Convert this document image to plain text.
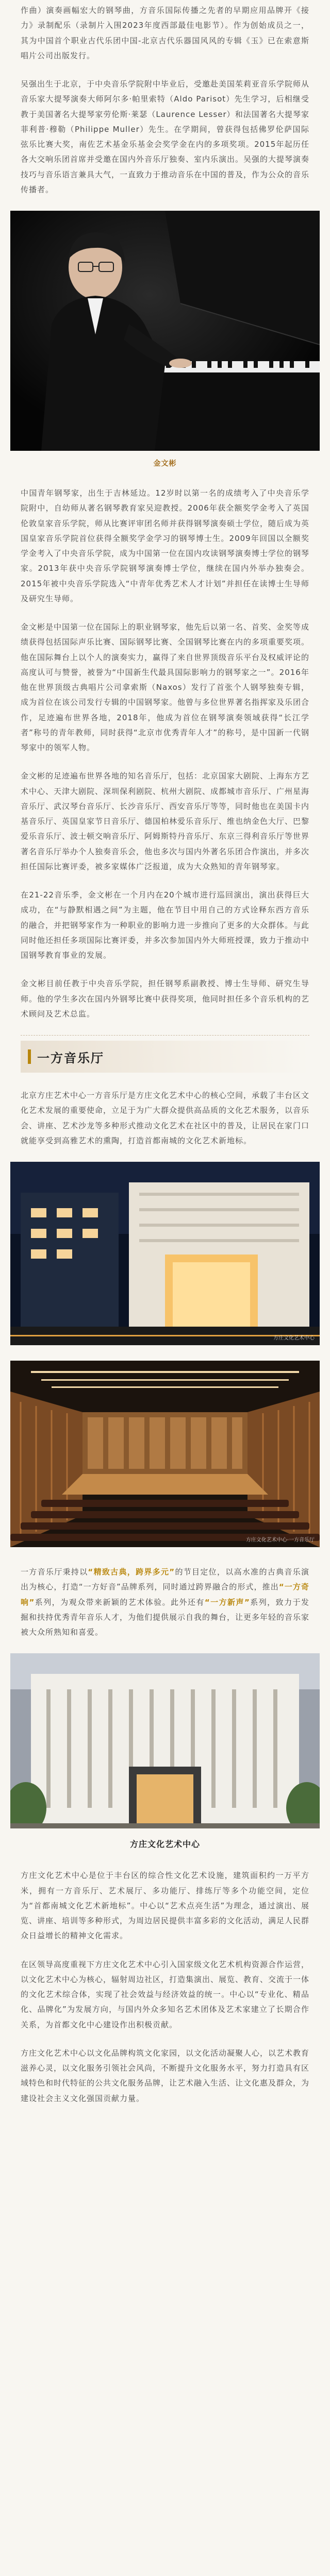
作曲）演奏画幅宏大的钢琴曲，方音乐国际传播之先者的早期应用品牌开《接力》录制配乐（录制片入围2023年度西部最佳电影节）。作为创始成员之一，其为中国首个职业古代乐团中国-北京古代乐器国风风的专辑《玉》已在索意斯唱片公司出版发行。

吴强出生于北京，于中央音乐学院附中毕业后，受邀赴美国茱莉亚音乐学院师从音乐家大提琴演奏大师阿尔多·帕里索特（Aldo Parisot）先生学习，后相继受教于美国著名大提琴家劳伦斯·莱瑟（Laurence Lesser）和法国著名大提琴家菲利普·穆勒（Philippe Muller）先生。在学期间，曾获得包括佛罗伦萨国际弦乐比赛大奖，南佐艺术基金乐基金会奖学金在内的多项奖项。2015年起历任各大交响乐团首席并受邀在国内外音乐厅独奏、室内乐演出。吴强的大提琴演奏技巧与音乐语言兼具大气，一直致力于推动音乐在中国的普及，作为公众的音乐传播者。

金文彬

中国青年钢琴家，出生于吉林延边。12岁时以第一名的成绩考入了中央音乐学院附中，自幼师从著名钢琴教育家吴迎教授。2006年获全额奖学金考入了英国伦敦皇家音乐学院，师从比赛评审团名师并获得钢琴演奏硕士学位，随后成为英国皇家音乐学院首位获得全额奖学金学习的钢琴博士生。2009年回国以全额奖学金考入了中央音乐学院，成为中国第一位在国内攻读钢琴演奏博士学位的钢琴家。2013年获中央音乐学院钢琴演奏博士学位，继续在国内外举办独奏会。2015年被中央音乐学院选入“中青年优秀艺术人才计划”并担任在读博士生导师及研究生导师。

金文彬是中国第一位在国际上的职业钢琴家，他先后以第一名、首奖、金奖等成绩获得包括国际声乐比赛、国际钢琴比赛、全国钢琴比赛在内的多项重要奖项。他在国际舞台上以个人的演奏实力，赢得了来自世界顶级音乐平台及权威评论的高度认可与赞誉，被誉为“中国新生代最具国际影响力的钢琴家之一”。2016年他在世界顶级古典唱片公司拿索斯（Naxos）发行了首张个人钢琴独奏专辑，成为首位在该公司发行专辑的中国钢琴家。他曾与多位世界著名指挥家及乐团合作，足迹遍布世界各地，2018年，他成为首位在钢琴演奏领域获得“长江学者”称号的青年教师，同时获得“北京市优秀青年人才”的称号，是中国新一代钢琴家中的领军人物。

金文彬的足迹遍布世界各地的知名音乐厅，包括：北京国家大剧院、上海东方艺术中心、天津大剧院、深圳保利剧院、杭州大剧院、成都城市音乐厅、广州星海音乐厅、武汉琴台音乐厅、长沙音乐厅、西安音乐厅等等，同时他也在美国卡内基音乐厅、英国皇家节日音乐厅、德国柏林爱乐音乐厅、维也纳金色大厅、巴黎爱乐音乐厅、波士顿交响音乐厅、阿姆斯特丹音乐厅、东京三得利音乐厅等世界著名音乐厅举办个人独奏音乐会，他也多次与国内外著名乐团合作演出，并多次担任国际比赛评委，被多家媒体广泛报道，成为大众熟知的青年钢琴家。

在21-22音乐季，金文彬在一个月内在20个城市进行巡回演出，演出获得巨大成功，在“与静默相遇之间”为主题，他在节目中用自己的方式诠释东西方音乐的融合，并把钢琴家作为一种职业的影响力进一步推向了更多的大众群体。与此同时他还担任多项国际比赛评委，并多次参加国内外大师班授课，致力于推动中国钢琴教育事业的发展。

金文彬目前任教于中央音乐学院，担任钢琴系副教授、博士生导师、研究生导师。他的学生多次在国内外钢琴比赛中获得奖项，他同时担任多个音乐机构的艺术顾问及艺术总监。

一方音乐厅

北京方庄艺术中心一方音乐厅是方庄文化艺术中心的核心空间，承载了丰台区文化艺术发展的重要使命，立足于为广大群众提供高品质的文化艺术服务，以音乐会、讲座、艺术沙龙等多种形式推动文化艺术在社区中的普及，让居民在家门口就能享受到高雅艺术的熏陶，打造首都南城的文化艺术新地标。

方庄文化艺术中心
方庄文化艺术中心·一方音乐厅

一方音乐厅秉持以“精致古典，跨界多元”的节目定位，以高水准的古典音乐演出为核心，打造“一方好音”品牌系列，同时通过跨界融合的形式，推出“一方奇响”系列，为观众带来新颖的艺术体验。此外还有“一方新声”系列，致力于发掘和扶持优秀青年音乐人才，为他们提供展示自我的舞台，让更多年轻的音乐家被大众所熟知和喜爱。

方庄文化艺术中心

方庄文化艺术中心是位于丰台区的综合性文化艺术设施，建筑面积约一万平方米，拥有一方音乐厅、艺术展厅、多功能厅、排练厅等多个功能空间，定位为“首都南城文化艺术新地标”。中心以“艺术点亮生活”为理念，通过演出、展览、讲座、培训等多种形式，为周边居民提供丰富多彩的文化活动，满足人民群众日益增长的精神文化需求。

在区领导高度重视下方庄文化艺术中心引入国家级文化艺术机构资源合作运营，以文化艺术中心为核心，辐射周边社区，打造集演出、展览、教育、交流于一体的文化艺术综合体，实现了社会效益与经济效益的统一。中心以“专业化、精品化、品牌化”为发展方向，与国内外众多知名艺术团体及艺术家建立了长期合作关系，为首都文化中心建设作出积极贡献。

方庄文化艺术中心以文化品牌构筑文化家园，以文化活动凝聚人心，以艺术教育滋养心灵，以文化服务引领社会风尚，不断提升文化服务水平，努力打造具有区域特色和时代特征的公共文化服务品牌，让艺术融入生活、让文化惠及群众，为建设社会主义文化强国贡献力量。
